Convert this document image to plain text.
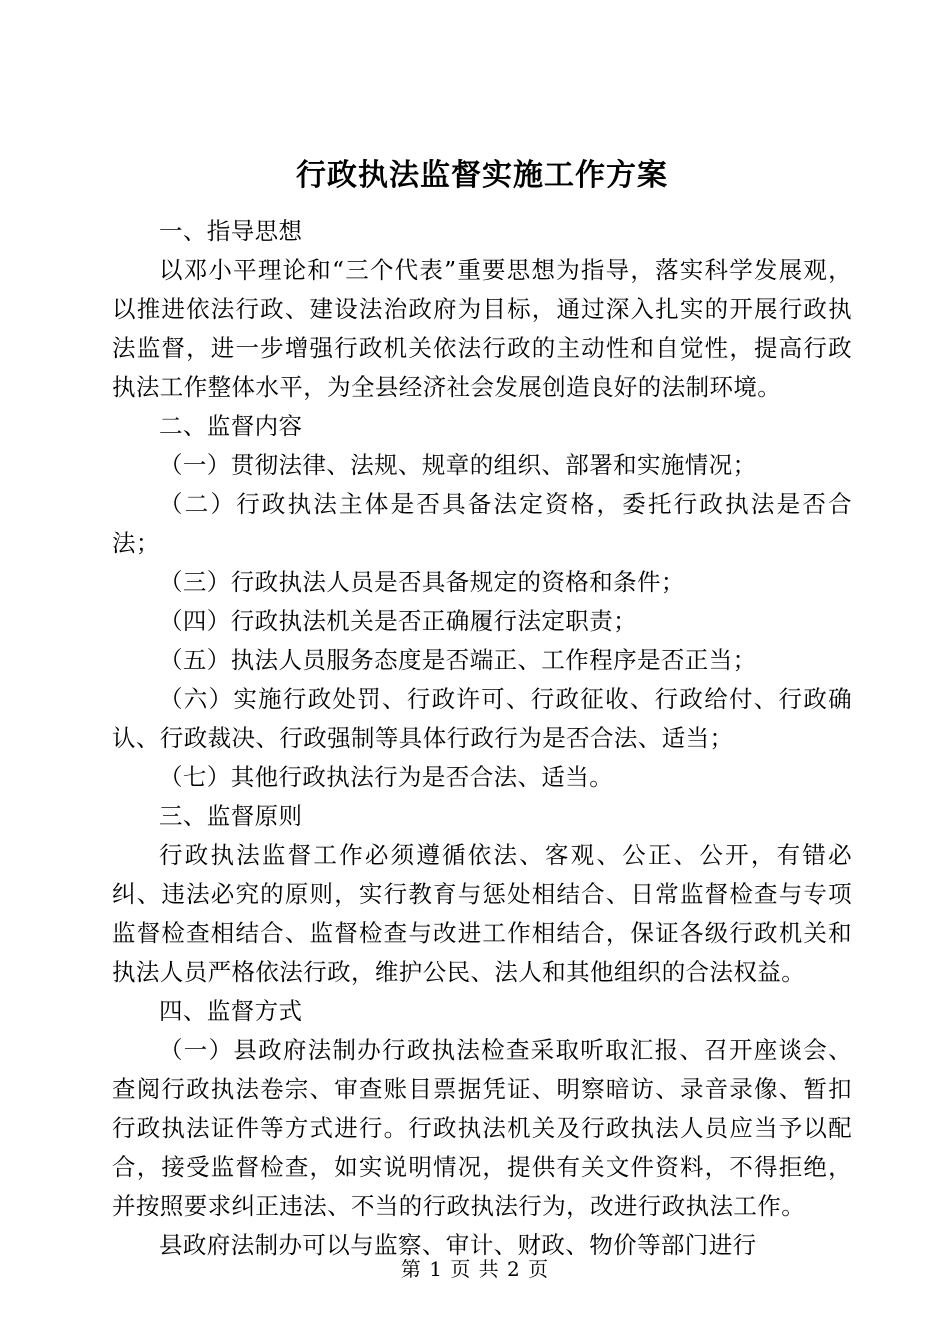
行政执法监督实施工作方案

一、指导思想

以邓小平理论和“三个代表”重要思想为指导，落实科学发展观，以推进依法行政、建设法治政府为目标，通过深入扎实的开展行政执法监督，进一步增强行政机关依法行政的主动性和自觉性，提高行政执法工作整体水平，为全县经济社会发展创造良好的法制环境。

二、监督内容

（一）贯彻法律、法规、规章的组织、部署和实施情况；

（二）行政执法主体是否具备法定资格，委托行政执法是否合法；

（三）行政执法人员是否具备规定的资格和条件；

（四）行政执法机关是否正确履行法定职责；

（五）执法人员服务态度是否端正、工作程序是否正当；

（六）实施行政处罚、行政许可、行政征收、行政给付、行政确认、行政裁决、行政强制等具体行政行为是否合法、适当；

（七）其他行政执法行为是否合法、适当。

三、监督原则

行政执法监督工作必须遵循依法、客观、公正、公开，有错必纠、违法必究的原则，实行教育与惩处相结合、日常监督检查与专项监督检查相结合、监督检查与改进工作相结合，保证各级行政机关和执法人员严格依法行政，维护公民、法人和其他组织的合法权益。

四、监督方式

（一）县政府法制办行政执法检查采取听取汇报、召开座谈会、查阅行政执法卷宗、审查账目票据凭证、明察暗访、录音录像、暂扣行政执法证件等方式进行。行政执法机关及行政执法人员应当予以配合，接受监督检查，如实说明情况，提供有关文件资料，不得拒绝，并按照要求纠正违法、不当的行政执法行为，改进行政执法工作。

县政府法制办可以与监察、审计、财政、物价等部门进行

第 1 页 共 2 页
